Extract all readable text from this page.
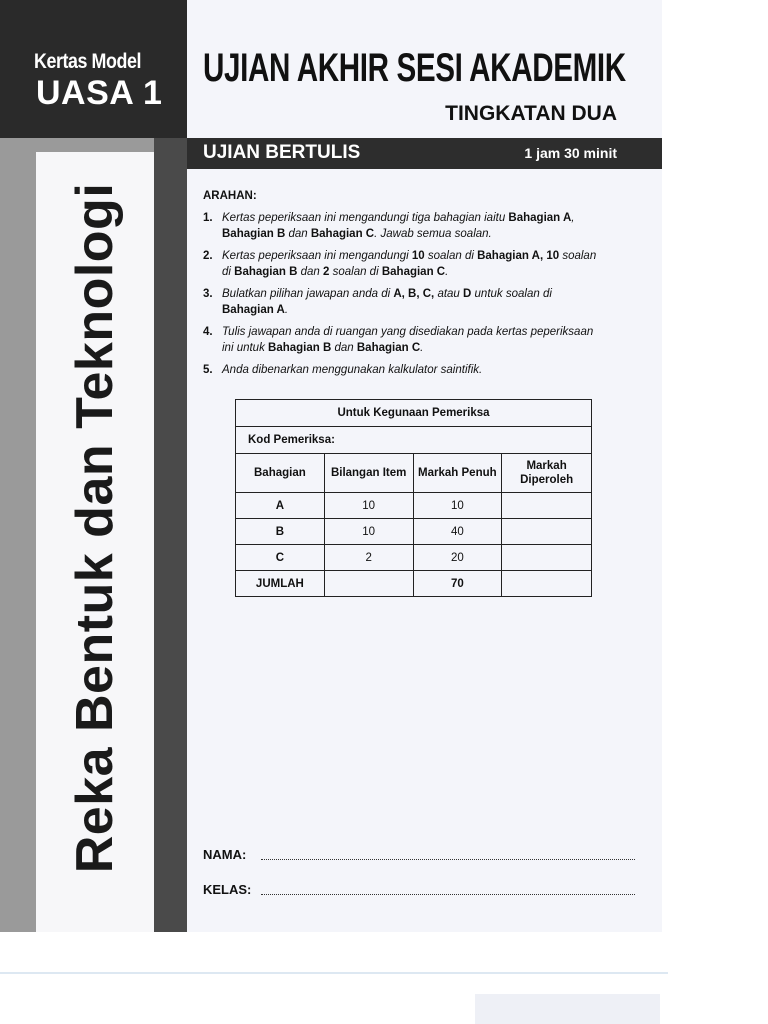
Kertas Model
UASA 1
Reka Bentuk dan Teknologi
UJIAN AKHIR SESI AKADEMIK
TINGKATAN DUA
UJIAN BERTULIS	1 jam 30 minit
ARAHAN:
1. Kertas peperiksaan ini mengandungi tiga bahagian iaitu Bahagian A, Bahagian B dan Bahagian C. Jawab semua soalan.
2. Kertas peperiksaan ini mengandungi 10 soalan di Bahagian A, 10 soalan di Bahagian B dan 2 soalan di Bahagian C.
3. Bulatkan pilihan jawapan anda di A, B, C, atau D untuk soalan di Bahagian A.
4. Tulis jawapan anda di ruangan yang disediakan pada kertas peperiksaan ini untuk Bahagian B dan Bahagian C.
5. Anda dibenarkan menggunakan kalkulator saintifik.
Untuk Kegunaan Pemeriksa			
Kod Pemeriksa:			
Bahagian	Bilangan Item	Markah Penuh	Markah Diperoleh
A	10	10	
B	10	40	
C	2	20	
JUMLAH		70	
NAMA:
KELAS:
